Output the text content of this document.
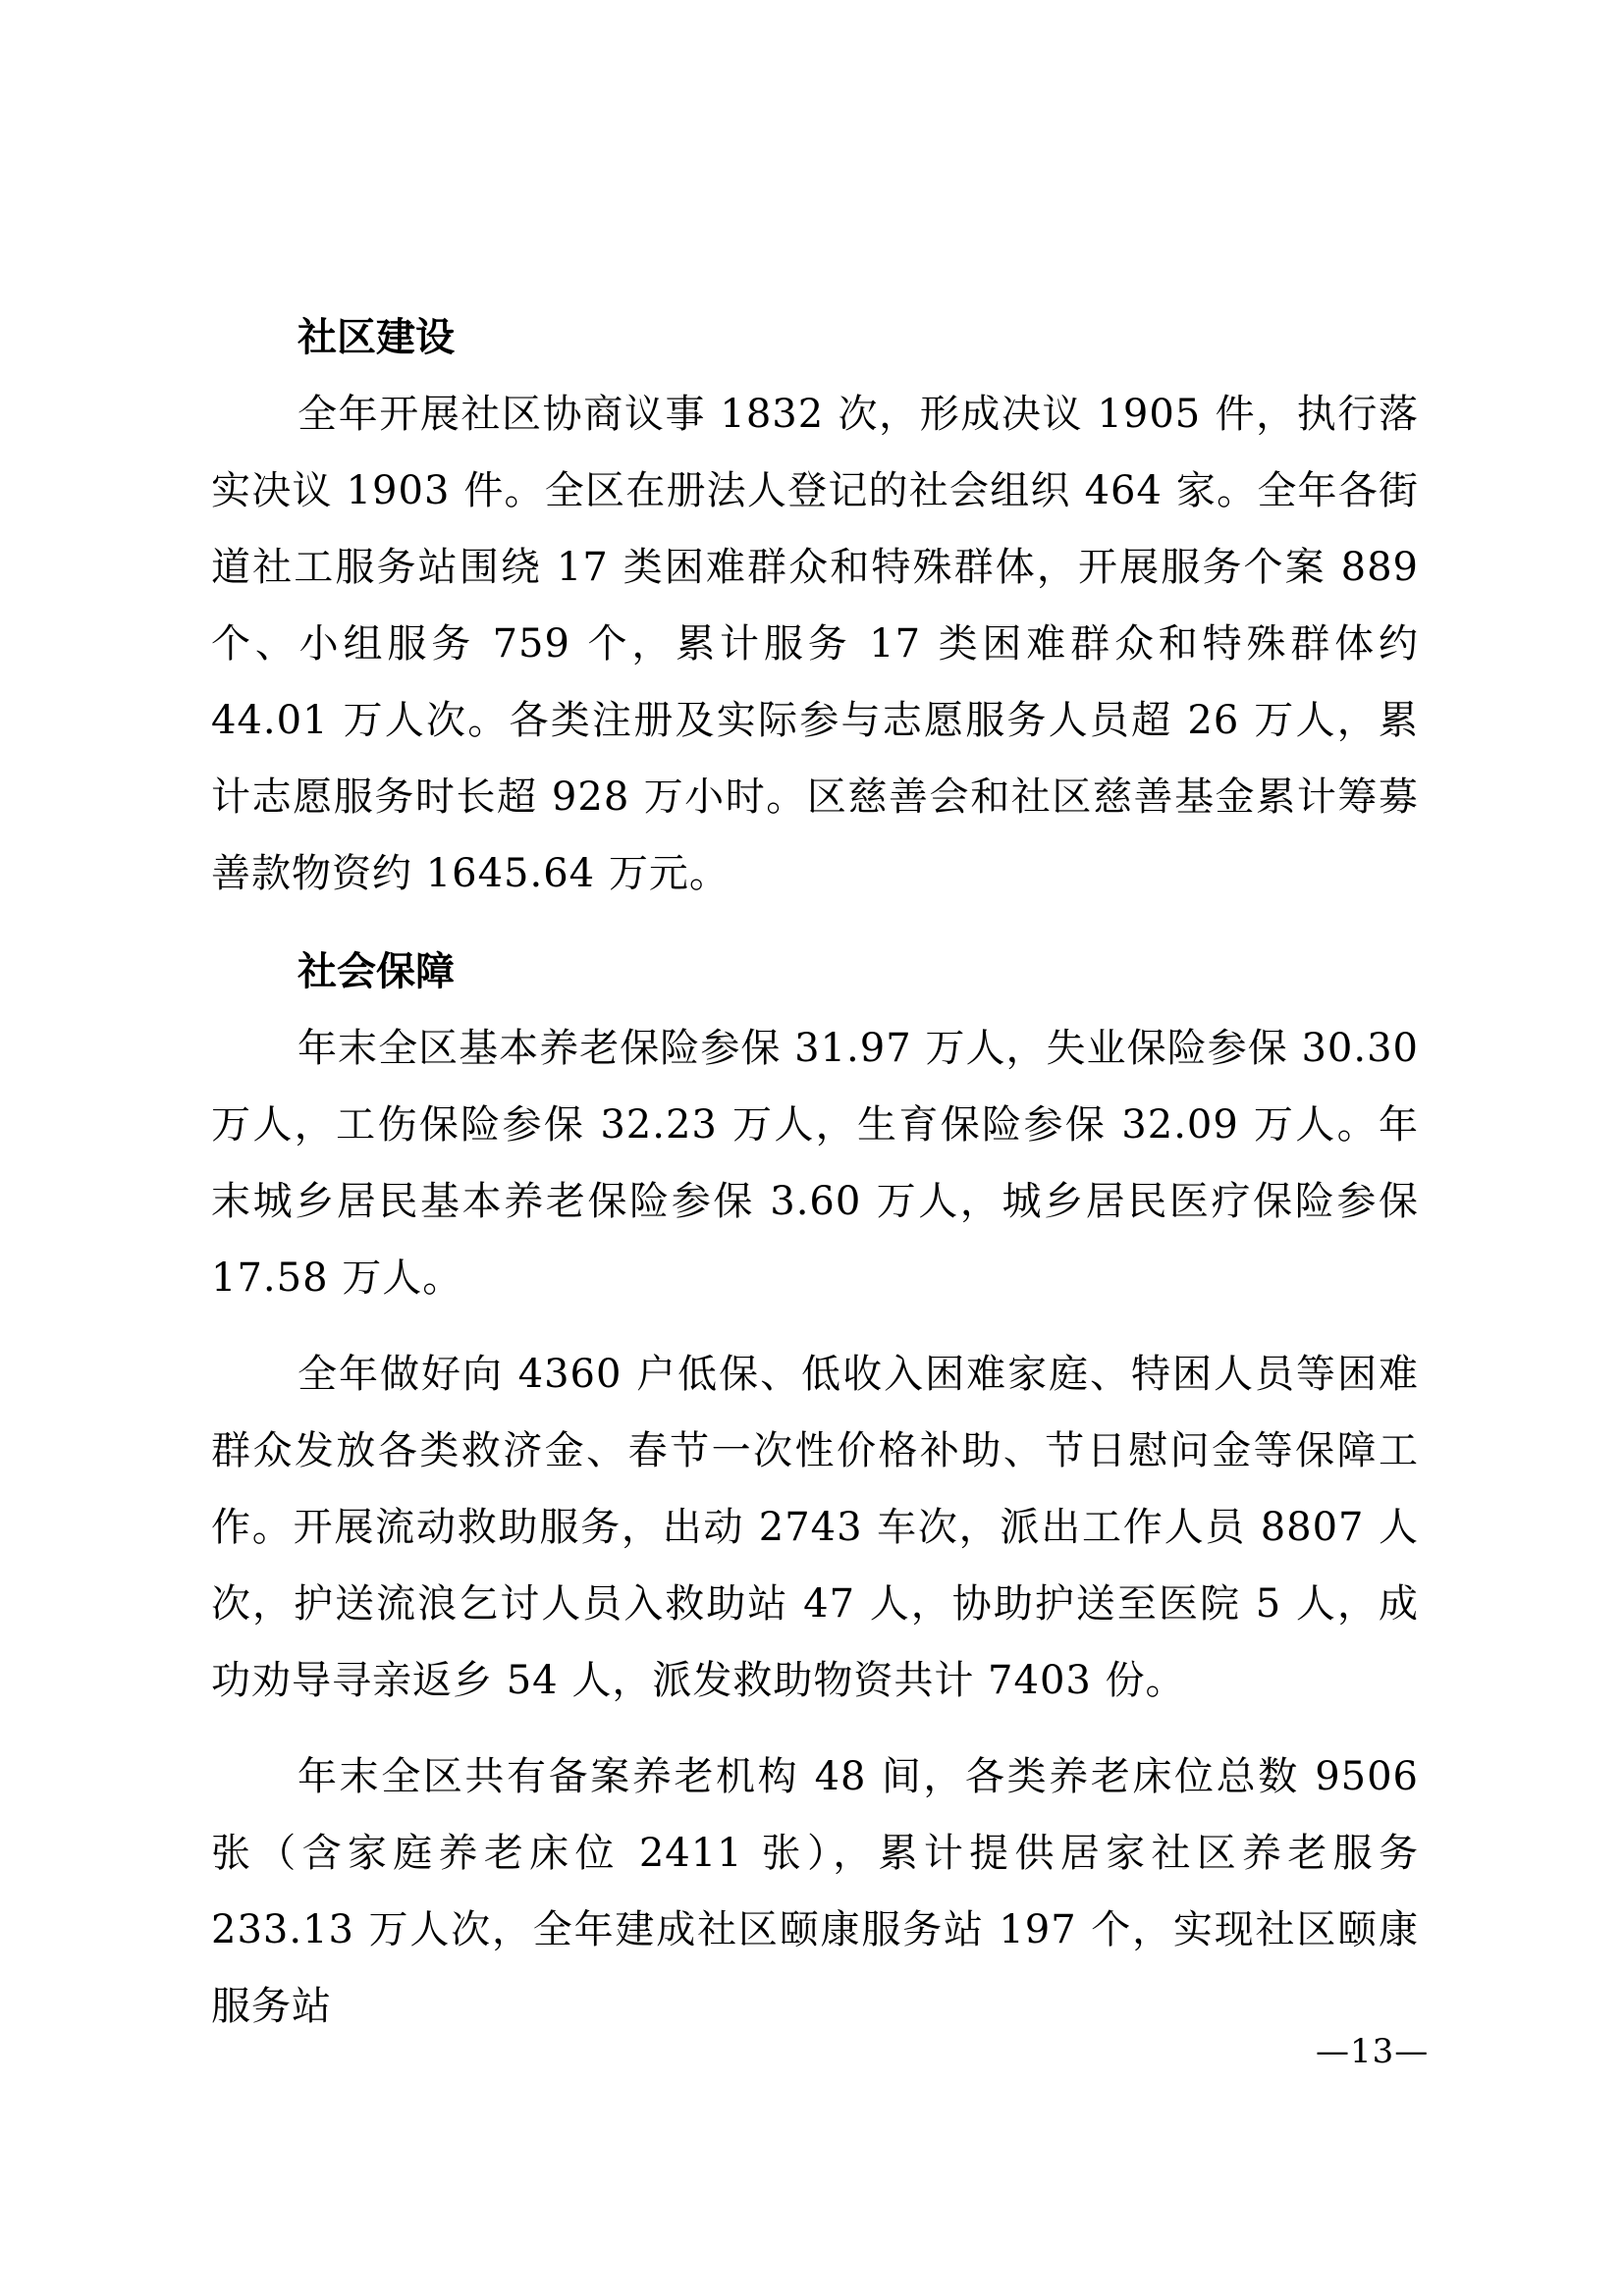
社区建设

全年开展社区协商议事 1832 次，形成决议 1905 件，执行落实决议 1903 件。全区在册法人登记的社会组织 464 家。全年各街道社工服务站围绕 17 类困难群众和特殊群体，开展服务个案 889 个、小组服务 759 个，累计服务 17 类困难群众和特殊群体约 44.01 万人次。各类注册及实际参与志愿服务人员超 26 万人，累计志愿服务时长超 928 万小时。区慈善会和社区慈善基金累计筹募善款物资约 1645.64 万元。

社会保障

年末全区基本养老保险参保 31.97 万人，失业保险参保 30.30 万人，工伤保险参保 32.23 万人，生育保险参保 32.09 万人。年末城乡居民基本养老保险参保 3.60 万人，城乡居民医疗保险参保 17.58 万人。

全年做好向 4360 户低保、低收入困难家庭、特困人员等困难群众发放各类救济金、春节一次性价格补助、节日慰问金等保障工作。开展流动救助服务，出动 2743 车次，派出工作人员 8807 人次，护送流浪乞讨人员入救助站 47 人，协助护送至医院 5 人，成功劝导寻亲返乡 54 人，派发救助物资共计 7403 份。

年末全区共有备案养老机构 48 间，各类养老床位总数 9506 张（含家庭养老床位 2411 张），累计提供居家社区养老服务 233.13 万人次，全年建成社区颐康服务站 197 个，实现社区颐康服务站

—13—
